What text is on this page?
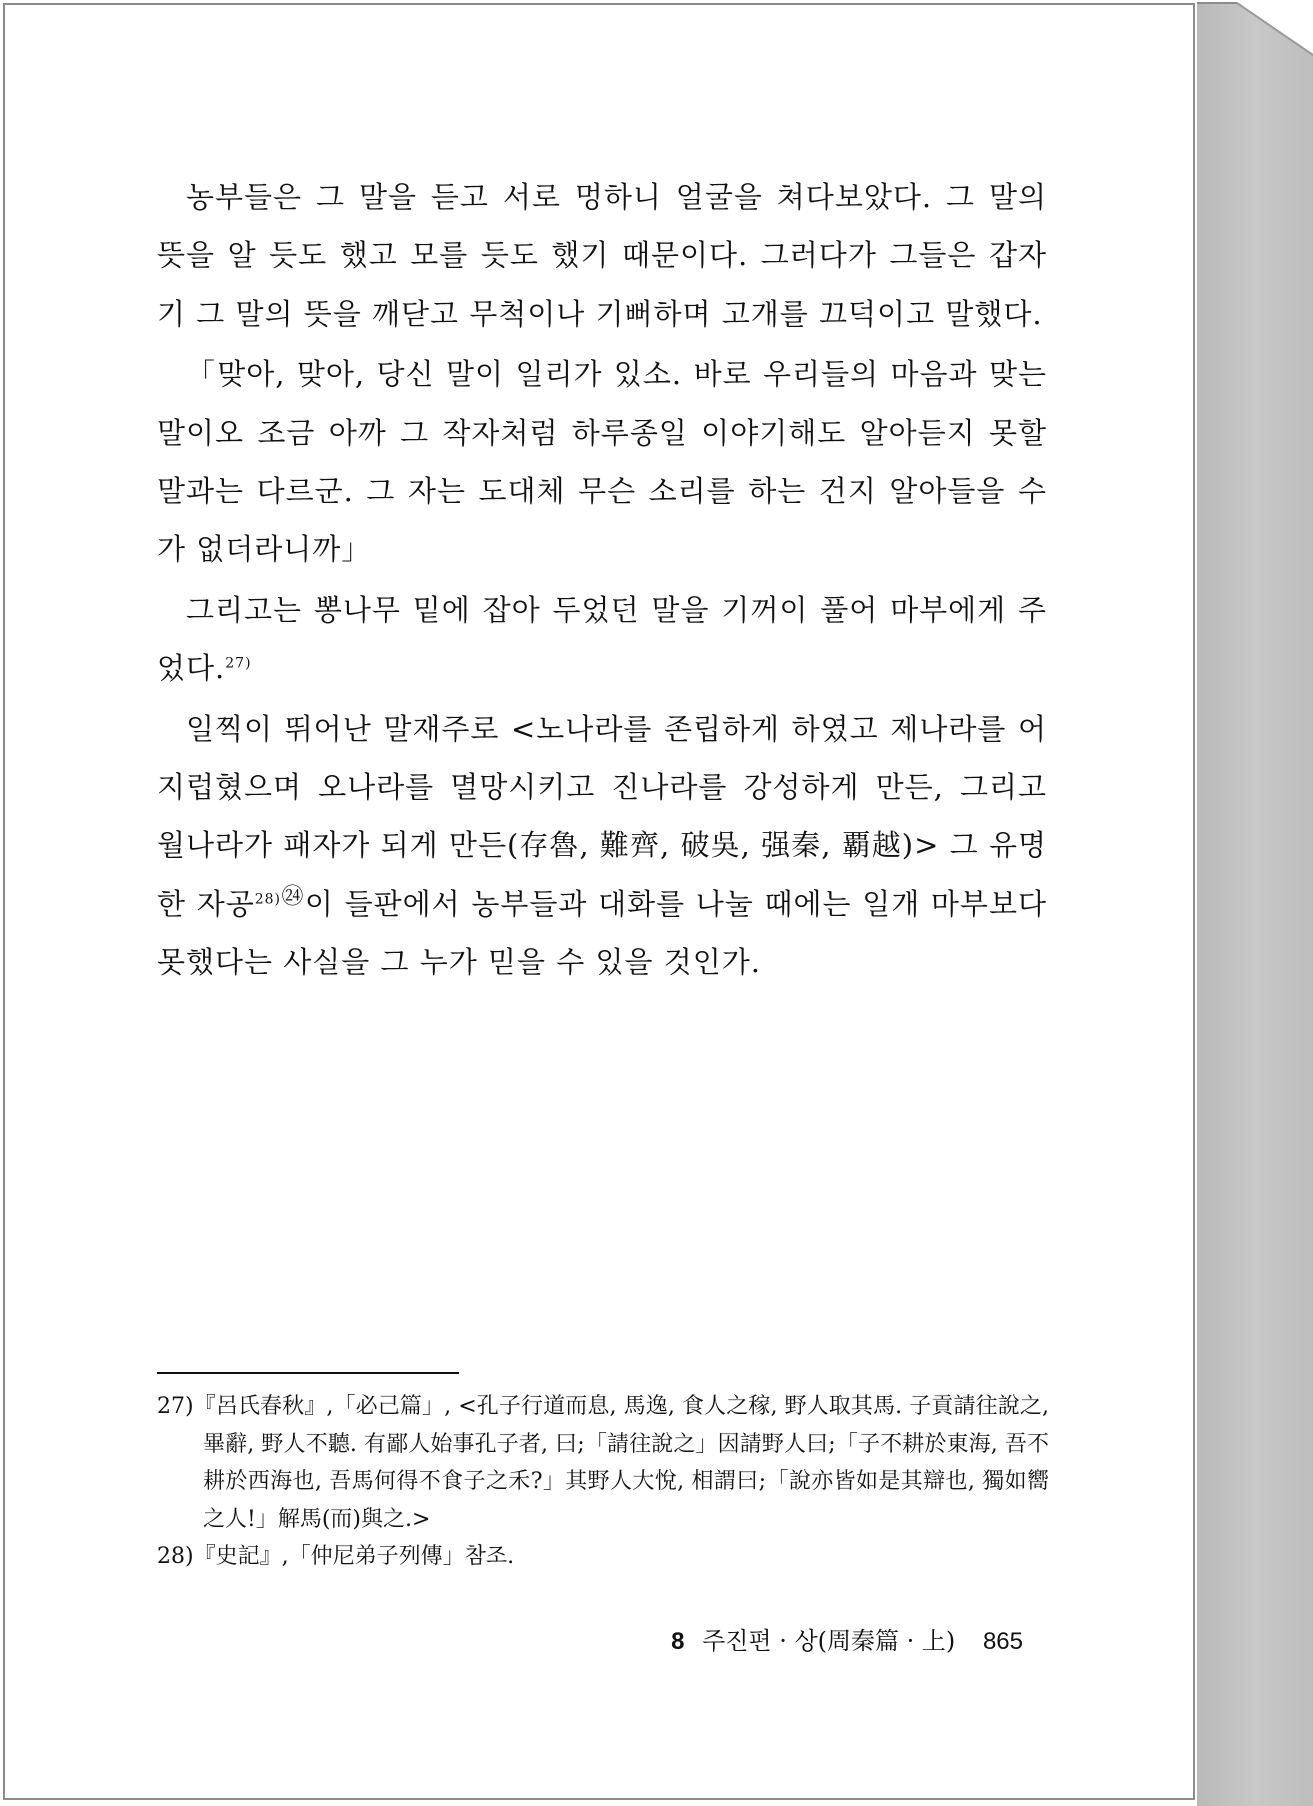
농부들은 그 말을 듣고 서로 멍하니 얼굴을 쳐다보았다. 그 말의 뜻을 알 듯도 했고 모를 듯도 했기 때문이다. 그러다가 그들은 갑자기 그 말의 뜻을 깨닫고 무척이나 기뻐하며 고개를 끄덕이고 말했다.

「맞아, 맞아, 당신 말이 일리가 있소. 바로 우리들의 마음과 맞는 말이오 조금 아까 그 작자처럼 하루종일 이야기해도 알아듣지 못할 말과는 다르군. 그 자는 도대체 무슨 소리를 하는 건지 알아들을 수가 없더라니까」

그리고는 뽕나무 밑에 잡아 두었던 말을 기꺼이 풀어 마부에게 주었다.$^{27)}$

일찍이 뛰어난 말재주로 <노나라를 존립하게 하였고 제나라를 어지럽혔으며 오나라를 멸망시키고 진나라를 강성하게 만든, 그리고 월나라가 패자가 되게 만든(存魯, 難齊, 破吳, 强秦, 覇越)> 그 유명한 자공$^{28)㉔}$이 들판에서 농부들과 대화를 나눌 때에는 일개 마부보다 못했다는 사실을 그 누가 믿을 수 있을 것인가.

27)『呂氏春秋』,「必己篇」, <孔子行道而息, 馬逸, 食人之稼, 野人取其馬. 子貢請往說之, 畢辭, 野人不聽. 有鄙人始事孔子者, 曰;「請往說之」因請野人曰;「子不耕於東海, 吾不耕於西海也, 吾馬何得不食子之禾?」其野人大悅, 相謂曰;「說亦皆如是其辯也, 獨如嚮之人!」解馬(而)與之.>

28)『史記』,「仲尼弟子列傳」참조.

8 주진편 · 상(周秦篇 · 上) 865
